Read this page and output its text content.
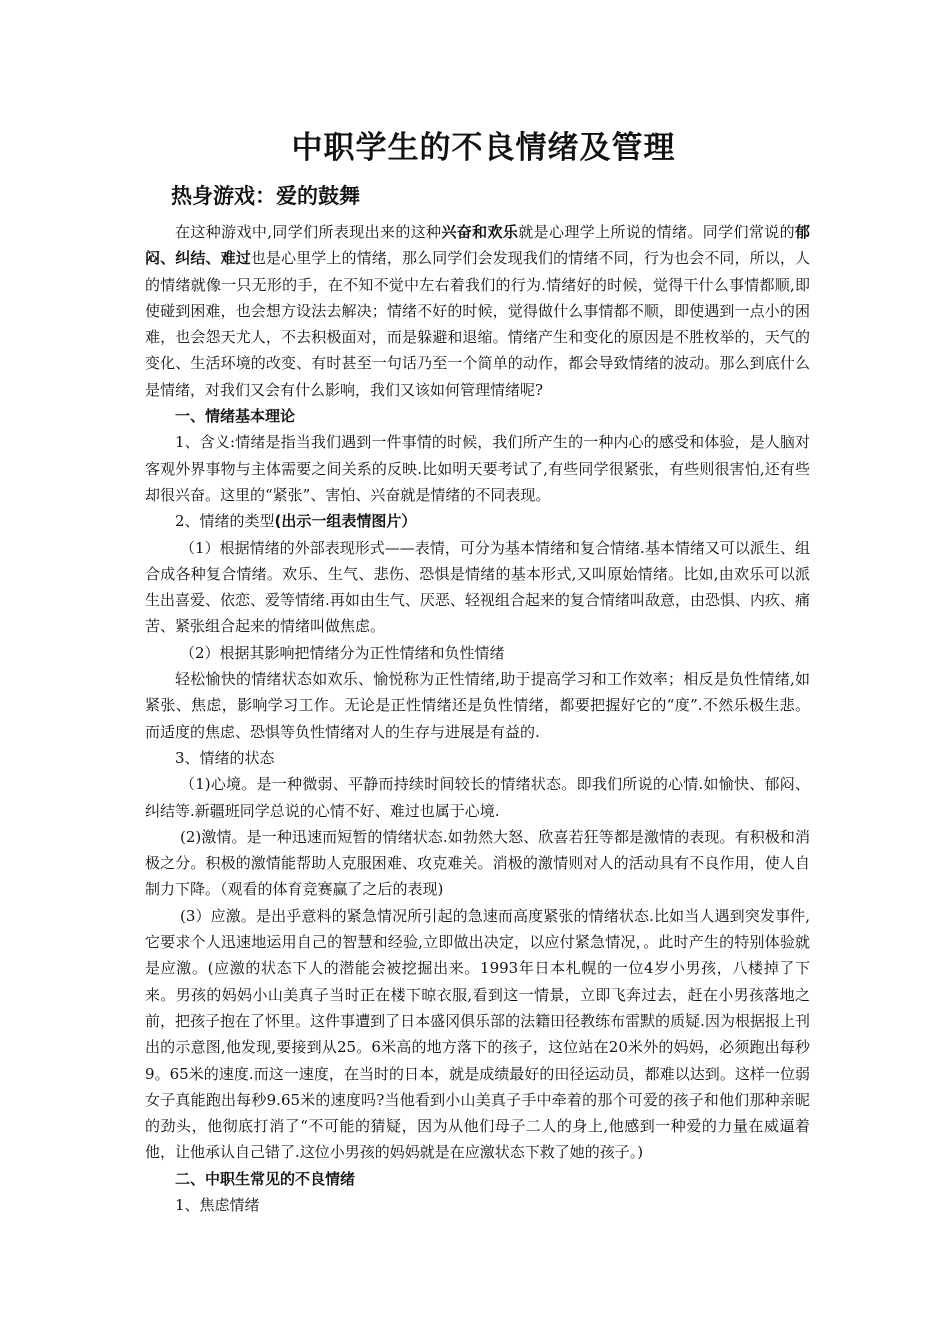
中职学生的不良情绪及管理
热身游戏：爱的鼓舞

在这种游戏中,同学们所表现出来的这种兴奋和欢乐就是心理学上所说的情绪。同学们常说的郁闷、纠结、难过也是心里学上的情绪，那么同学们会发现我们的情绪不同，行为也会不同，所以，人的情绪就像一只无形的手，在不知不觉中左右着我们的行为.情绪好的时候，觉得干什么事情都顺,即使碰到困难，也会想方设法去解决；情绪不好的时候，觉得做什么事情都不顺，即使遇到一点小的困难，也会怨天尤人，不去积极面对，而是躲避和退缩。情绪产生和变化的原因是不胜枚举的，天气的变化、生活环境的改变、有时甚至一句话乃至一个简单的动作，都会导致情绪的波动。那么到底什么是情绪，对我们又会有什么影响，我们又该如何管理情绪呢?

一、情绪基本理论

1、含义:情绪是指当我们遇到一件事情的时候，我们所产生的一种内心的感受和体验，是人脑对客观外界事物与主体需要之间关系的反映.比如明天要考试了,有些同学很紧张，有些则很害怕,还有些却很兴奋。这里的“紧张”、害怕、兴奋就是情绪的不同表现。

2、情绪的类型(出示一组表情图片）

（1）根据情绪的外部表现形式——表情，可分为基本情绪和复合情绪.基本情绪又可以派生、组合成各种复合情绪。欢乐、生气、悲伤、恐惧是情绪的基本形式,又叫原始情绪。比如,由欢乐可以派生出喜爱、依恋、爱等情绪.再如由生气、厌恶、轻视组合起来的复合情绪叫敌意，由恐惧、内疚、痛苦、紧张组合起来的情绪叫做焦虑。

（2）根据其影响把情绪分为正性情绪和负性情绪

轻松愉快的情绪状态如欢乐、愉悦称为正性情绪,助于提高学习和工作效率；相反是负性情绪,如紧张、焦虑，影响学习工作。无论是正性情绪还是负性情绪，都要把握好它的“度”.不然乐极生悲。而适度的焦虑、恐惧等负性情绪对人的生存与进展是有益的.

3、情绪的状态

（1)心境。是一种微弱、平静而持续时间较长的情绪状态。即我们所说的心情.如愉快、郁闷、纠结等.新疆班同学总说的心情不好、难过也属于心境.

(2)激情。是一种迅速而短暂的情绪状态.如勃然大怒、欣喜若狂等都是激情的表现。有积极和消极之分。积极的激情能帮助人克服困难、攻克难关。消极的激情则对人的活动具有不良作用，使人自制力下降。（观看的体育竞赛赢了之后的表现)

(3）应激。是出乎意料的紧急情况所引起的急速而高度紧张的情绪状态.比如当人遇到突发事件,它要求个人迅速地运用自己的智慧和经验,立即做出决定，以应付紧急情况，。此时产生的特别体验就是应激。(应激的状态下人的潜能会被挖掘出来。1993年日本札幌的一位4岁小男孩，八楼掉了下来。男孩的妈妈小山美真子当时正在楼下晾衣服,看到这一情景，立即飞奔过去，赶在小男孩落地之前，把孩子抱在了怀里。这件事遭到了日本盛冈俱乐部的法籍田径教练布雷默的质疑.因为根据报上刊出的示意图,他发现,要接到从25。6米高的地方落下的孩子，这位站在20米外的妈妈，必须跑出每秒9。65米的速度.而这一速度，在当时的日本，就是成绩最好的田径运动员，都难以达到。这样一位弱女子真能跑出每秒9.65米的速度吗?当他看到小山美真子手中牵着的那个可爱的孩子和他们那种亲昵的劲头，他彻底打消了“不可能的猜疑，因为从他们母子二人的身上,他感到一种爱的力量在威逼着他，让他承认自己错了.这位小男孩的妈妈就是在应激状态下救了她的孩子。)

二、中职生常见的不良情绪

1、焦虑情绪
